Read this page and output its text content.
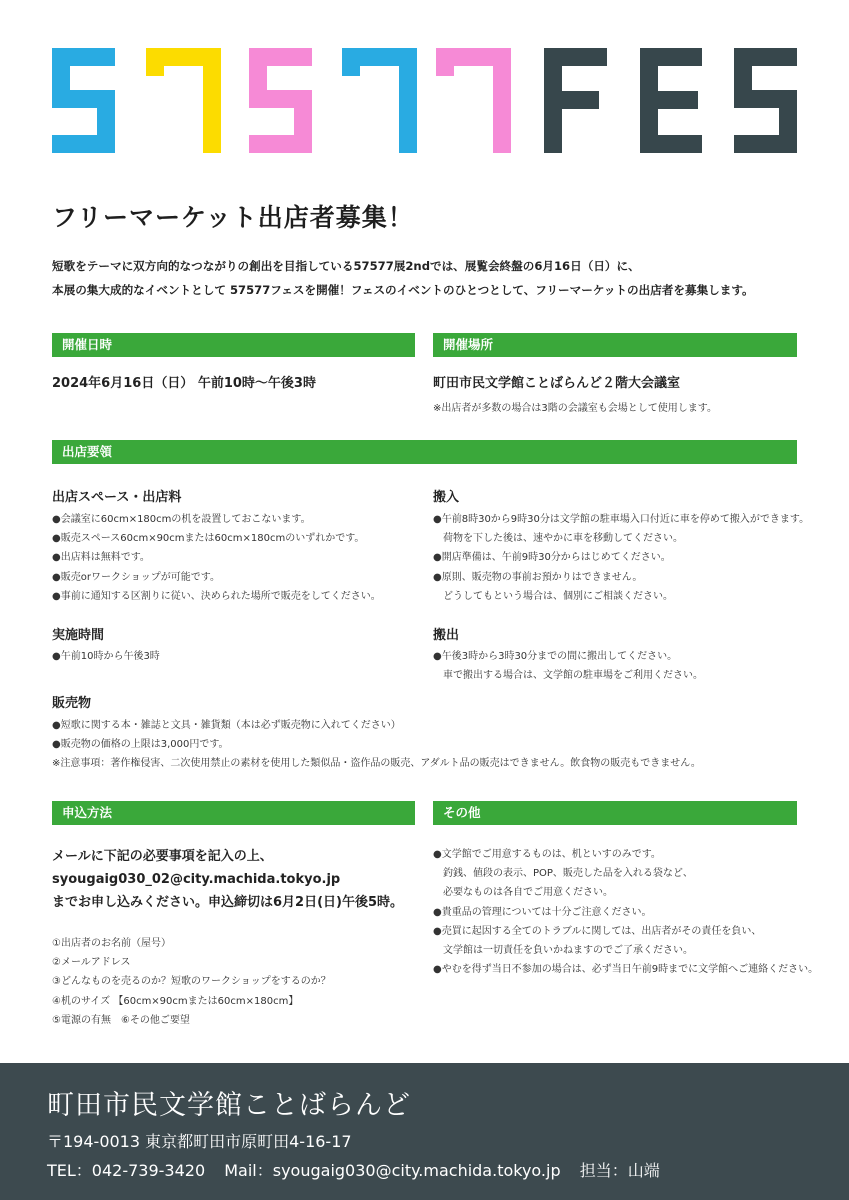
フリーマーケット出店者募集！
短歌をテーマに双方向的なつながりの創出を目指している57577展2ndでは、展覧会終盤の6月16日（日）に、
本展の集大成的なイベントとして 57577フェスを開催！フェスのイベントのひとつとして、フリーマーケットの出店者を募集します。
開催日時	開催場所
2024年6月16日（日） 午前10時〜午後3時	町田市民文学館ことばらんど２階大会議室
※出店者が多数の場合は3階の会議室も会場として使用します。
出店要領
出店スペース・出店料
●会議室に60cm×180cmの机を設置しておこないます。
●販売スペース60cm×90cmまたは60cm×180cmのいずれかです。
●出店料は無料です。
●販売orワークショップが可能です。
●事前に通知する区割りに従い、決められた場所で販売をしてください。
搬入
●午前8時30から9時30分は文学館の駐車場入口付近に車を停めて搬入ができます。
　荷物を下した後は、速やかに車を移動してください。
●開店準備は、午前9時30分からはじめてください。
●原則、販売物の事前お預かりはできません。
　どうしてもという場合は、個別にご相談ください。
実施時間
●午前10時から午後3時
搬出
●午後3時から3時30分までの間に搬出してください。
　車で搬出する場合は、文学館の駐車場をご利用ください。
販売物
●短歌に関する本・雑誌と文具・雑貨類（本は必ず販売物に入れてください）
●販売物の価格の上限は3,000円です。
※注意事項：著作権侵害、二次使用禁止の素材を使用した類似品・盗作品の販売、アダルト品の販売はできません。飲食物の販売もできません。
申込方法	その他
メールに下記の必要事項を記入の上、
syougaig030_02@city.machida.tokyo.jp
までお申し込みください。申込締切は6月2日(日)午後5時。
①出店者のお名前（屋号）
②メールアドレス
③どんなものを売るのか？短歌のワークショップをするのか？
④机のサイズ 【60cm×90cmまたは60cm×180cm】
⑤電源の有無　⑥その他ご要望
●文学館でご用意するものは、机といすのみです。
　釣銭、値段の表示、POP、販売した品を入れる袋など、
　必要なものは各自でご用意ください。
●貴重品の管理については十分ご注意ください。
●売買に起因する全てのトラブルに関しては、出店者がその責任を負い、
　文学館は一切責任を負いかねますのでご了承ください。
●やむを得ず当日不参加の場合は、必ず当日午前9時までに文学館へご連絡ください。
町田市民文学館ことばらんど
〒194-0013 東京都町田市原町田4-16-17
TEL：042-739-3420 Mail：syougaig030@city.machida.tokyo.jp 担当：山端
